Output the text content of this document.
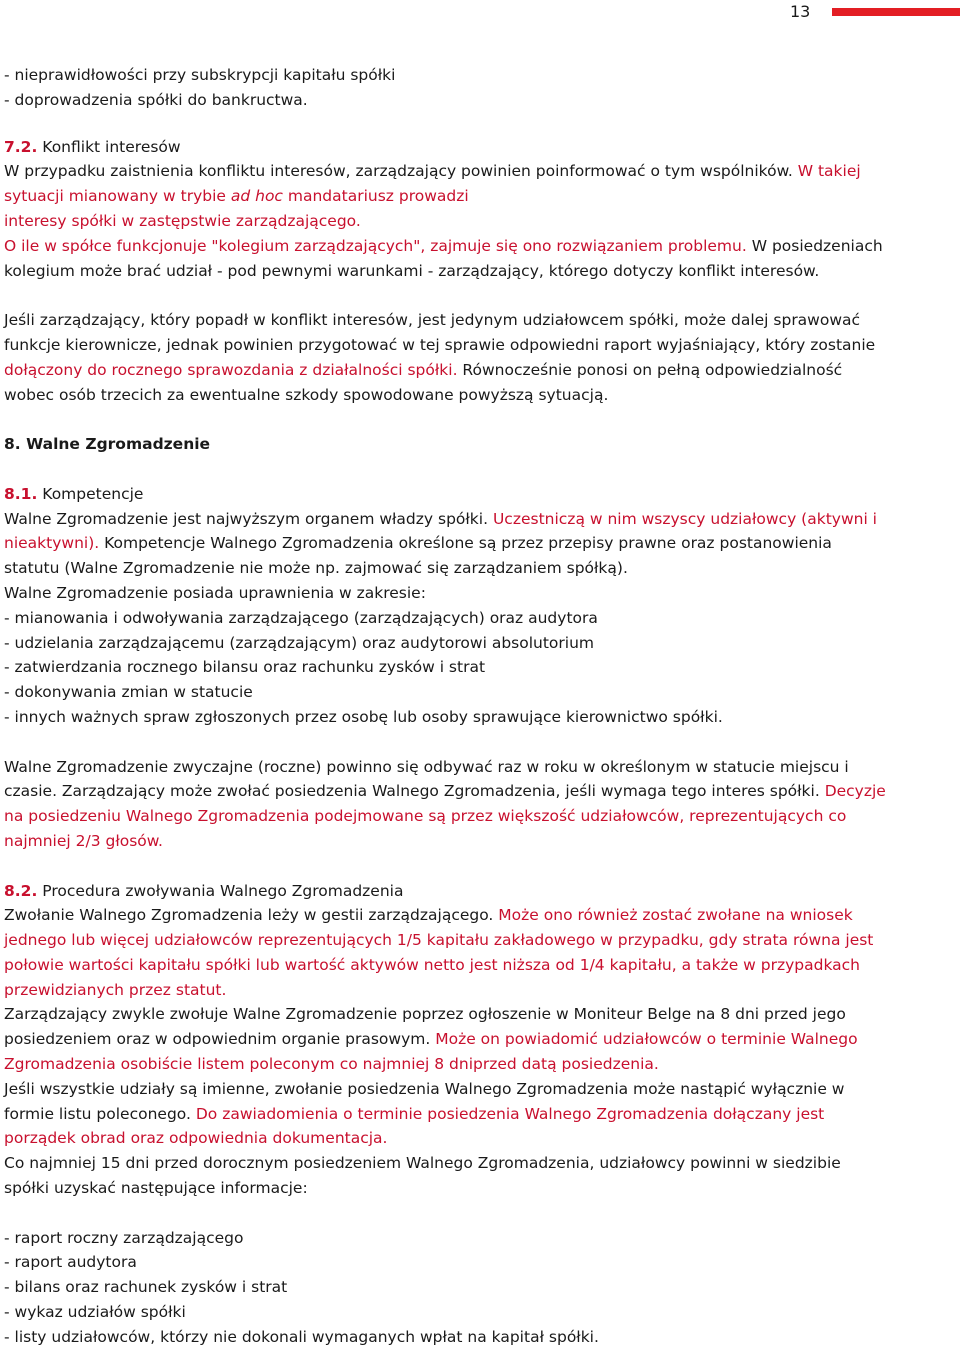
13
- nieprawidłowości przy subskrypcji kapitału spółki
- doprowadzenia spółki do bankructwa.
7.2. Konflikt interesów
W przypadku zaistnienia konfliktu interesów, zarządzający powinien poinformować o tym wspólników. W takiej
sytuacji mianowany w trybie ad hoc mandatariusz prowadzi
interesy spółki w zastępstwie zarządzającego.
O ile w spółce funkcjonuje "kolegium zarządzających", zajmuje się ono rozwiązaniem problemu. W posiedzeniach
kolegium może brać udział - pod pewnymi warunkami - zarządzający, którego dotyczy konflikt interesów.
Jeśli zarządzający, który popadł w konflikt interesów, jest jedynym udziałowcem spółki, może dalej sprawować
funkcje kierownicze, jednak powinien przygotować w tej sprawie odpowiedni raport wyjaśniający, który zostanie
dołączony do rocznego sprawozdania z działalności spółki. Równocześnie ponosi on pełną odpowiedzialność
wobec osób trzecich za ewentualne szkody spowodowane powyższą sytuacją.
8. Walne Zgromadzenie
8.1. Kompetencje
Walne Zgromadzenie jest najwyższym organem władzy spółki. Uczestniczą w nim wszyscy udziałowcy (aktywni i
nieaktywni). Kompetencje Walnego Zgromadzenia określone są przez przepisy prawne oraz postanowienia
statutu (Walne Zgromadzenie nie może np. zajmować się zarządzaniem spółką).
Walne Zgromadzenie posiada uprawnienia w zakresie:
- mianowania i odwoływania zarządzającego (zarządzających) oraz audytora
- udzielania zarządzającemu (zarządzającym) oraz audytorowi absolutorium
- zatwierdzania rocznego bilansu oraz rachunku zysków i strat
- dokonywania zmian w statucie
- innych ważnych spraw zgłoszonych przez osobę lub osoby sprawujące kierownictwo spółki.
Walne Zgromadzenie zwyczajne (roczne) powinno się odbywać raz w roku w określonym w statucie miejscu i
czasie. Zarządzający może zwołać posiedzenia Walnego Zgromadzenia, jeśli wymaga tego interes spółki. Decyzje
na posiedzeniu Walnego Zgromadzenia podejmowane są przez większość udziałowców, reprezentujących co
najmniej 2/3 głosów.
8.2. Procedura zwoływania Walnego Zgromadzenia
Zwołanie Walnego Zgromadzenia leży w gestii zarządzającego. Może ono również zostać zwołane na wniosek
jednego lub więcej udziałowców reprezentujących 1/5 kapitału zakładowego w przypadku, gdy strata równa jest
połowie wartości kapitału spółki lub wartość aktywów netto jest niższa od 1/4 kapitału, a także w przypadkach
przewidzianych przez statut.
Zarządzający zwykle zwołuje Walne Zgromadzenie poprzez ogłoszenie w Moniteur Belge na 8 dni przed jego
posiedzeniem oraz w odpowiednim organie prasowym. Może on powiadomić udziałowców o terminie Walnego
Zgromadzenia osobiście listem poleconym co najmniej 8 dniprzed datą posiedzenia.
Jeśli wszystkie udziały są imienne, zwołanie posiedzenia Walnego Zgromadzenia może nastąpić wyłącznie w
formie listu poleconego. Do zawiadomienia o terminie posiedzenia Walnego Zgromadzenia dołączany jest
porządek obrad oraz odpowiednia dokumentacja.
Co najmniej 15 dni przed dorocznym posiedzeniem Walnego Zgromadzenia, udziałowcy powinni w siedzibie
spółki uzyskać następujące informacje:
- raport roczny zarządzającego
- raport audytora
- bilans oraz rachunek zysków i strat
- wykaz udziałów spółki
- listy udziałowców, którzy nie dokonali wymaganych wpłat na kapitał spółki.
